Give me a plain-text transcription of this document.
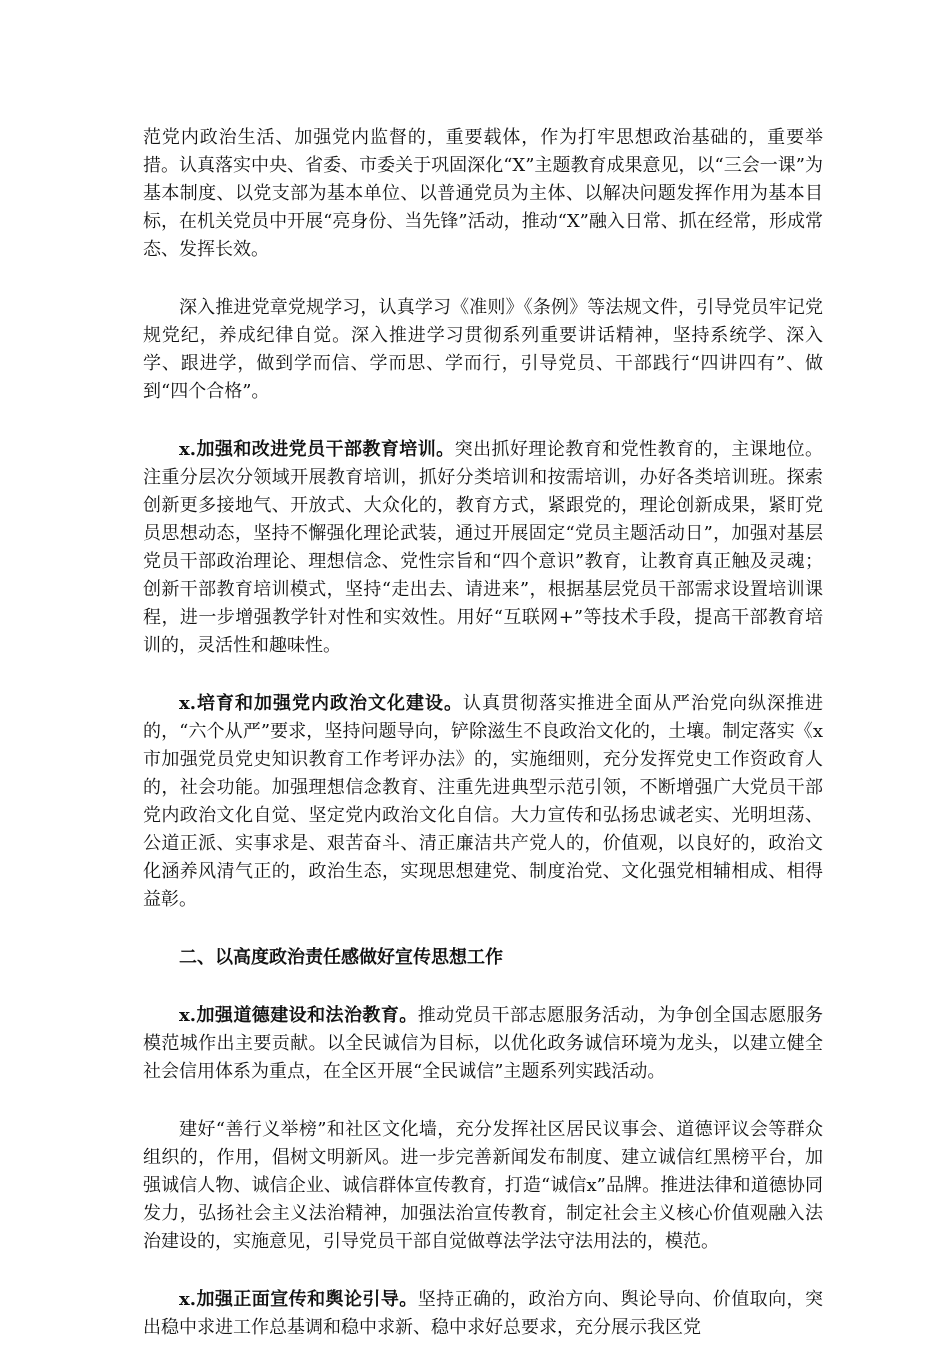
范党内政治生活、加强党内监督的，重要载体，作为打牢思想政治基础的，重要举措。认真落实中央、省委、市委关于巩固深化“X”主题教育成果意见，以“三会一课”为基本制度、以党支部为基本单位、以普通党员为主体、以解决问题发挥作用为基本目标，在机关党员中开展“亮身份、当先锋”活动，推动“X”融入日常、抓在经常，形成常态、发挥长效。

深入推进党章党规学习，认真学习《准则》《条例》等法规文件，引导党员牢记党规党纪，养成纪律自觉。深入推进学习贯彻系列重要讲话精神，坚持系统学、深入学、跟进学，做到学而信、学而思、学而行，引导党员、干部践行“四讲四有”、做到“四个合格”。

x.加强和改进党员干部教育培训。突出抓好理论教育和党性教育的，主课地位。注重分层次分领域开展教育培训，抓好分类培训和按需培训，办好各类培训班。探索创新更多接地气、开放式、大众化的，教育方式，紧跟党的，理论创新成果，紧盯党员思想动态，坚持不懈强化理论武装，通过开展固定“党员主题活动日”，加强对基层党员干部政治理论、理想信念、党性宗旨和“四个意识”教育，让教育真正触及灵魂；创新干部教育培训模式，坚持“走出去、请进来”，根据基层党员干部需求设置培训课程，进一步增强教学针对性和实效性。用好“互联网+”等技术手段，提高干部教育培训的，灵活性和趣味性。

x.培育和加强党内政治文化建设。认真贯彻落实推进全面从严治党向纵深推进的，“六个从严”要求，坚持问题导向，铲除滋生不良政治文化的，土壤。制定落实《x市加强党员党史知识教育工作考评办法》的，实施细则，充分发挥党史工作资政育人的，社会功能。加强理想信念教育、注重先进典型示范引领，不断增强广大党员干部党内政治文化自觉、坚定党内政治文化自信。大力宣传和弘扬忠诚老实、光明坦荡、公道正派、实事求是、艰苦奋斗、清正廉洁共产党人的，价值观，以良好的，政治文化涵养风清气正的，政治生态，实现思想建党、制度治党、文化强党相辅相成、相得益彰。

二、以高度政治责任感做好宣传思想工作

x.加强道德建设和法治教育。推动党员干部志愿服务活动，为争创全国志愿服务模范城作出主要贡献。以全民诚信为目标，以优化政务诚信环境为龙头，以建立健全社会信用体系为重点，在全区开展“全民诚信”主题系列实践活动。

建好“善行义举榜”和社区文化墙，充分发挥社区居民议事会、道德评议会等群众组织的，作用，倡树文明新风。进一步完善新闻发布制度、建立诚信红黑榜平台，加强诚信人物、诚信企业、诚信群体宣传教育，打造“诚信x”品牌。推进法律和道德协同发力，弘扬社会主义法治精神，加强法治宣传教育，制定社会主义核心价值观融入法治建设的，实施意见，引导党员干部自觉做尊法学法守法用法的，模范。

x.加强正面宣传和舆论引导。坚持正确的，政治方向、舆论导向、价值取向，突出稳中求进工作总基调和稳中求新、稳中求好总要求，充分展示我区党
